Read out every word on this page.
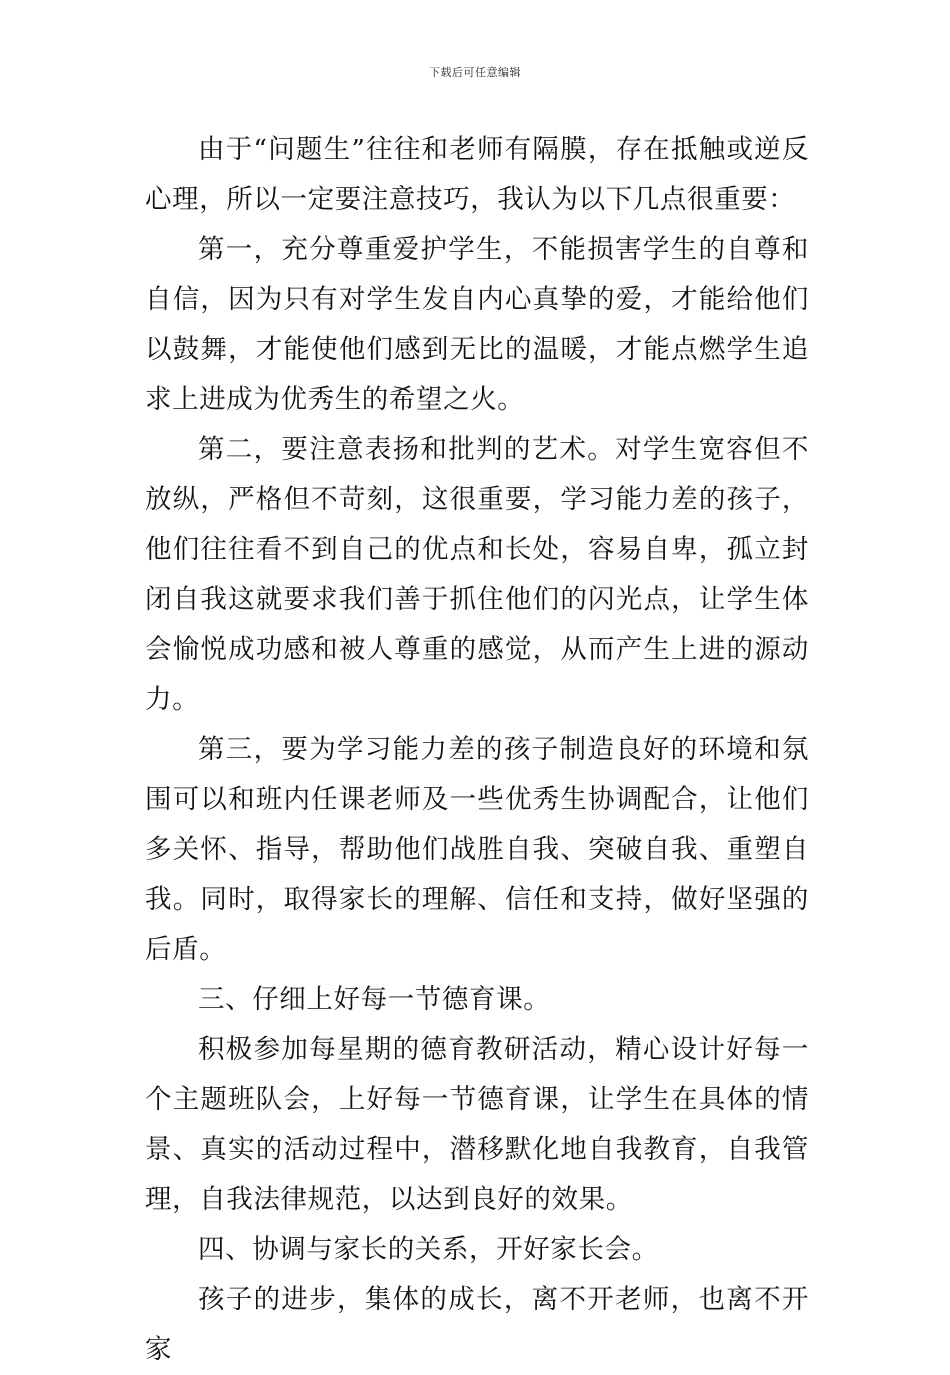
下载后可任意编辑

由于“问题生”往往和老师有隔膜，存在抵触或逆反心理，所以一定要注意技巧，我认为以下几点很重要：

第一，充分尊重爱护学生，不能损害学生的自尊和自信，因为只有对学生发自内心真挚的爱，才能给他们以鼓舞，才能使他们感到无比的温暖，才能点燃学生追求上进成为优秀生的希望之火。

第二，要注意表扬和批判的艺术。对学生宽容但不放纵，严格但不苛刻，这很重要，学习能力差的孩子，他们往往看不到自己的优点和长处，容易自卑，孤立封闭自我这就要求我们善于抓住他们的闪光点，让学生体会愉悦成功感和被人尊重的感觉，从而产生上进的源动力。

第三，要为学习能力差的孩子制造良好的环境和氛围可以和班内任课老师及一些优秀生协调配合，让他们多关怀、指导，帮助他们战胜自我、突破自我、重塑自我。同时，取得家长的理解、信任和支持，做好坚强的后盾。

三、仔细上好每一节德育课。

积极参加每星期的德育教研活动，精心设计好每一个主题班队会，上好每一节德育课，让学生在具体的情景、真实的活动过程中，潜移默化地自我教育，自我管理，自我法律规范，以达到良好的效果。

四、协调与家长的关系，开好家长会。

孩子的进步，集体的成长，离不开老师，也离不开家
